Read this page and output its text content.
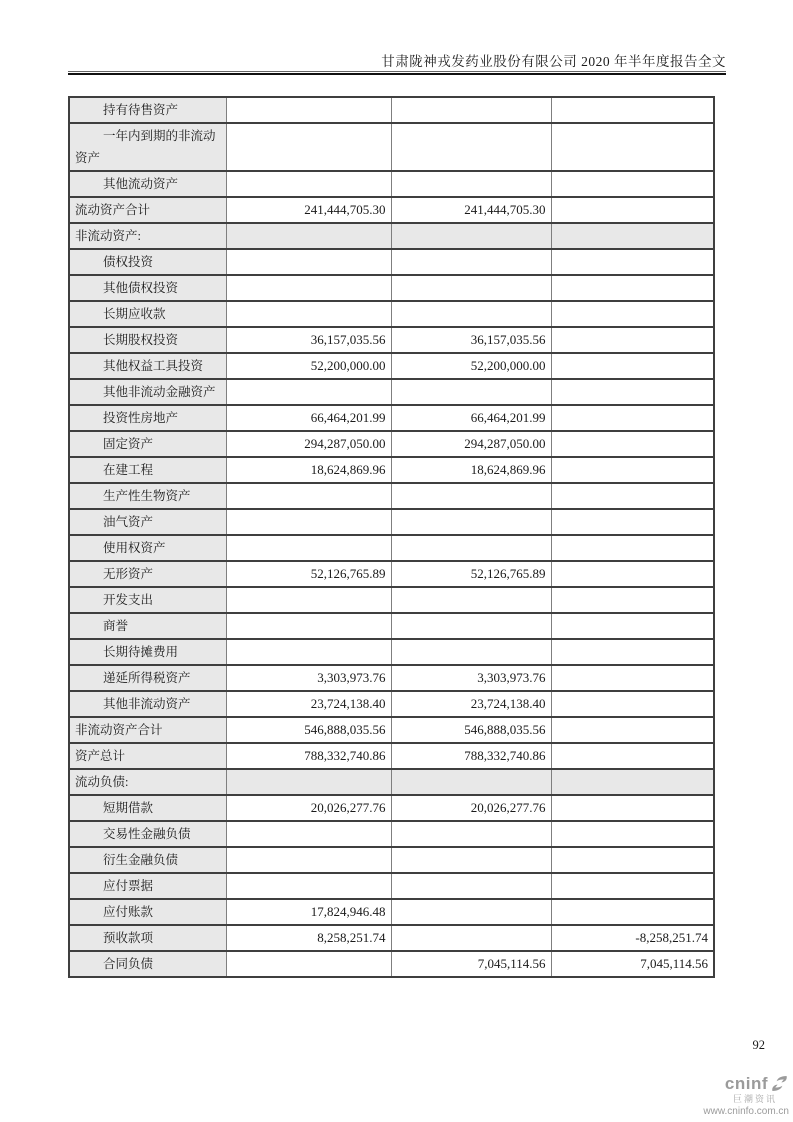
甘肃陇神戎发药业股份有限公司 2020 年半年度报告全文
持有待售资产			
一年内到期的非流动资产			
其他流动资产			
流动资产合计	241,444,705.30	241,444,705.30	
非流动资产:			
债权投资			
其他债权投资			
长期应收款			
长期股权投资	36,157,035.56	36,157,035.56	
其他权益工具投资	52,200,000.00	52,200,000.00	
其他非流动金融资产			
投资性房地产	66,464,201.99	66,464,201.99	
固定资产	294,287,050.00	294,287,050.00	
在建工程	18,624,869.96	18,624,869.96	
生产性生物资产			
油气资产			
使用权资产			
无形资产	52,126,765.89	52,126,765.89	
开发支出			
商誉			
长期待摊费用			
递延所得税资产	3,303,973.76	3,303,973.76	
其他非流动资产	23,724,138.40	23,724,138.40	
非流动资产合计	546,888,035.56	546,888,035.56	
资产总计	788,332,740.86	788,332,740.86	
流动负债:			
短期借款	20,026,277.76	20,026,277.76	
交易性金融负债			
衍生金融负债			
应付票据			
应付账款	17,824,946.48		
预收款项	8,258,251.74		-8,258,251.74
合同负债		7,045,114.56	7,045,114.56
92
cninf
巨潮资讯
www.cninfo.com.cn
